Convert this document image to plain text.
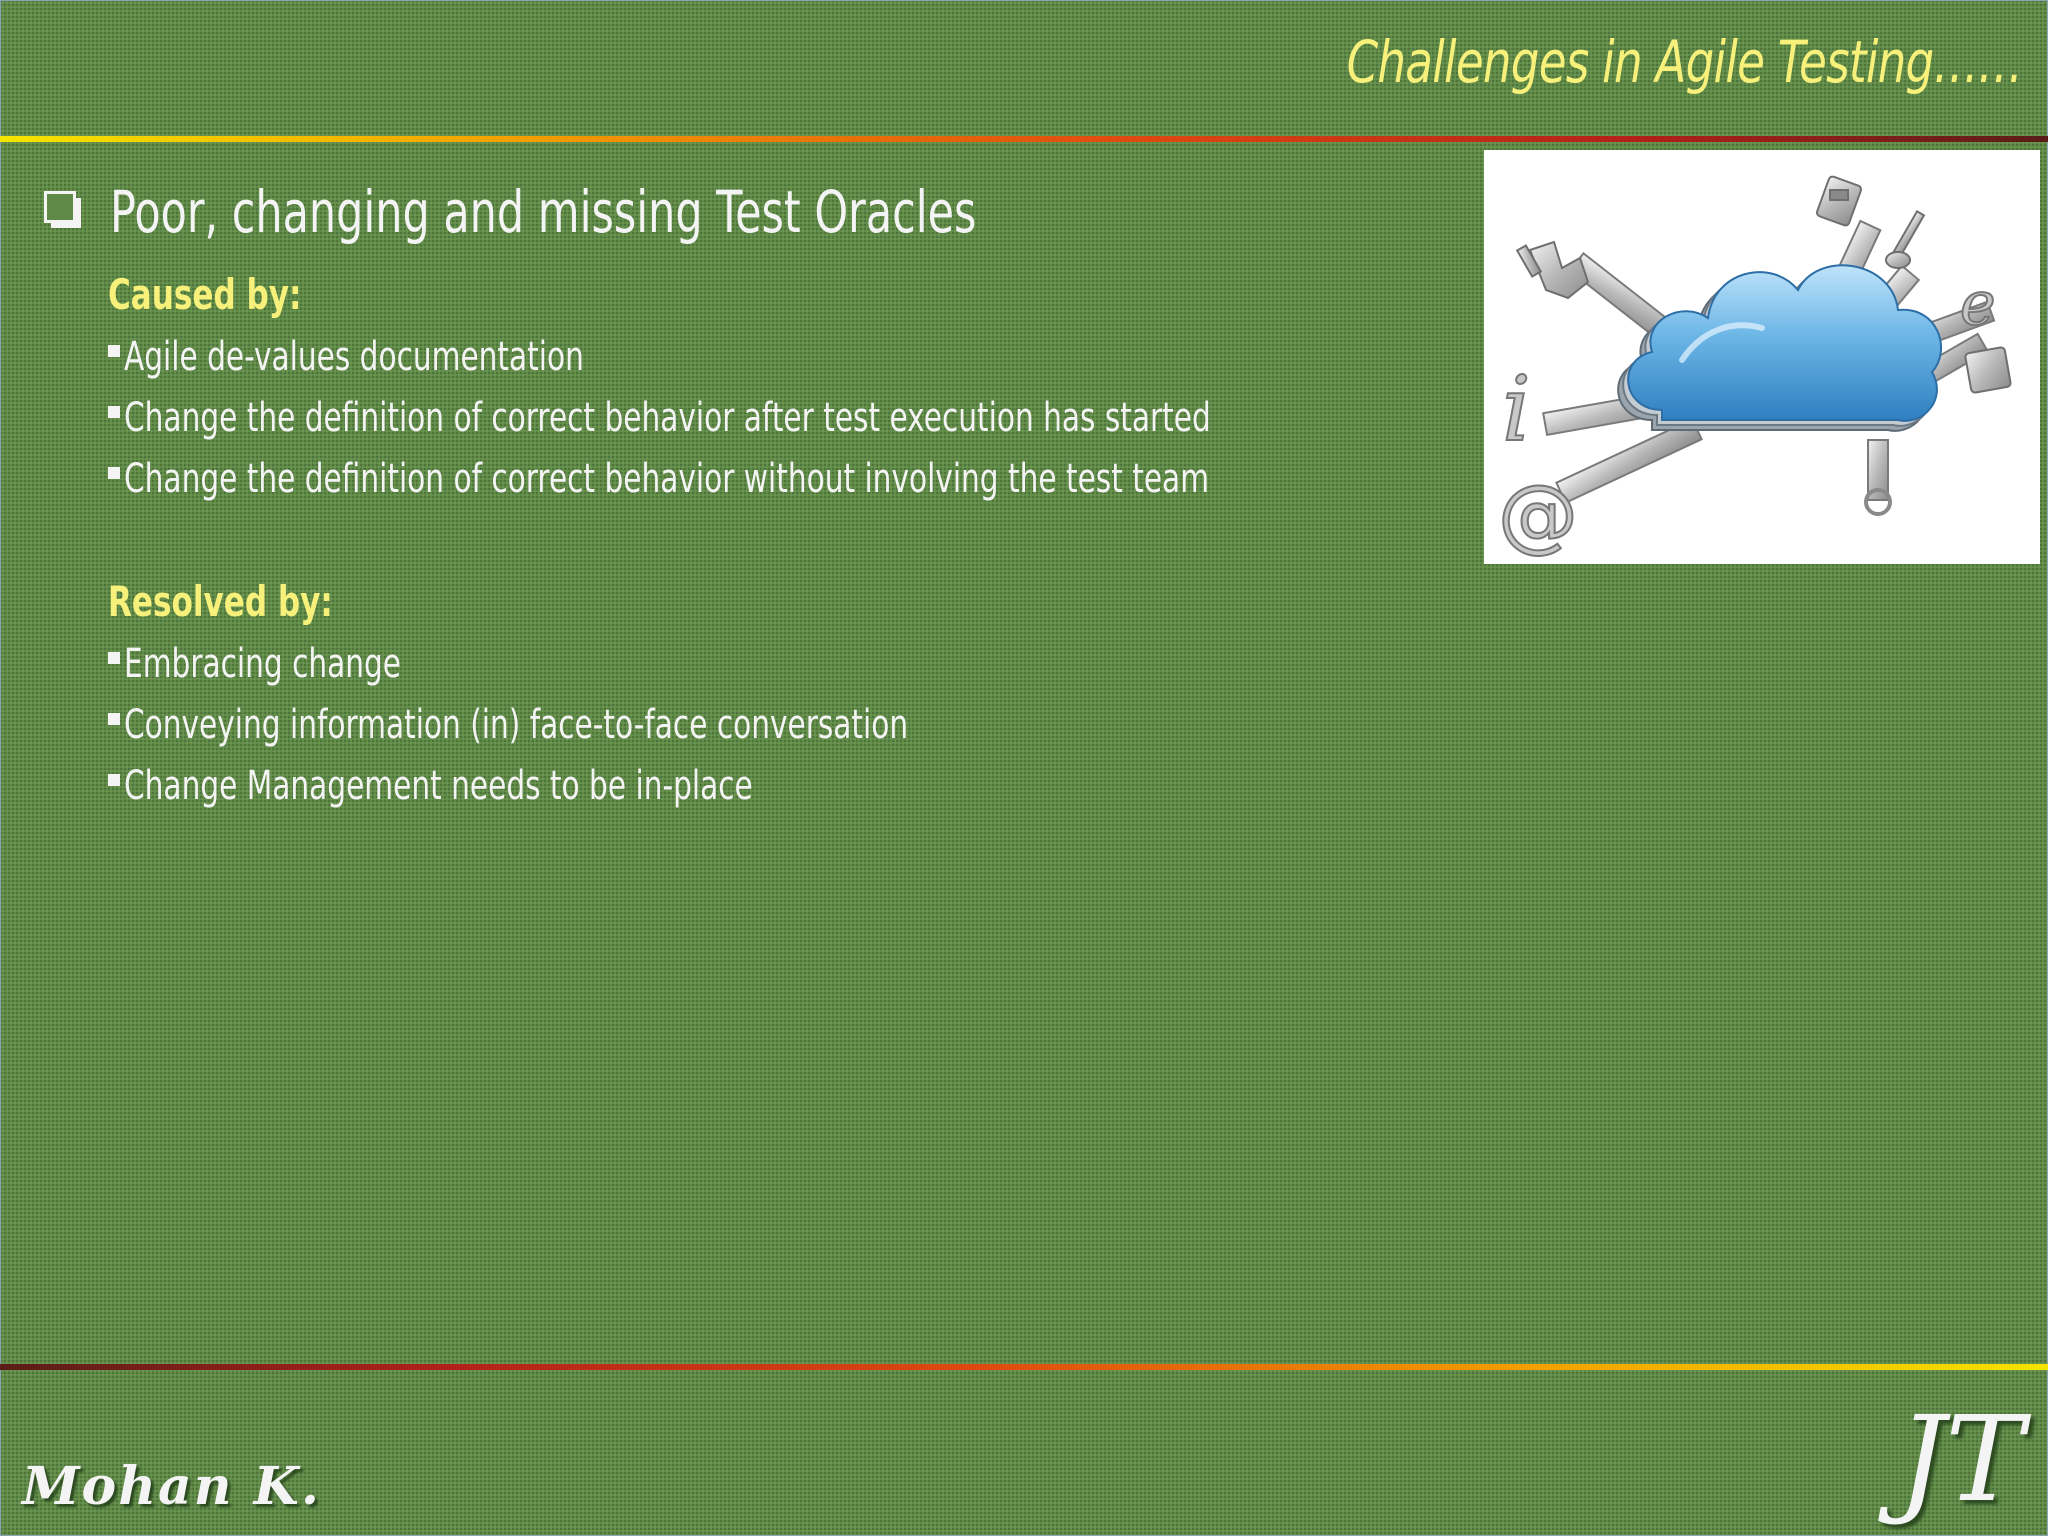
Challenges in Agile Testing……
Poor, changing and missing Test Oracles
Caused by:
Agile de-values documentation
Change the definition of correct behavior after test execution has started
Change the definition of correct behavior without involving the test team
Resolved by:
Embracing change
Conveying information (in) face-to-face conversation
Change Management needs to be in-place
e
i
@
Mohan K.	JT
